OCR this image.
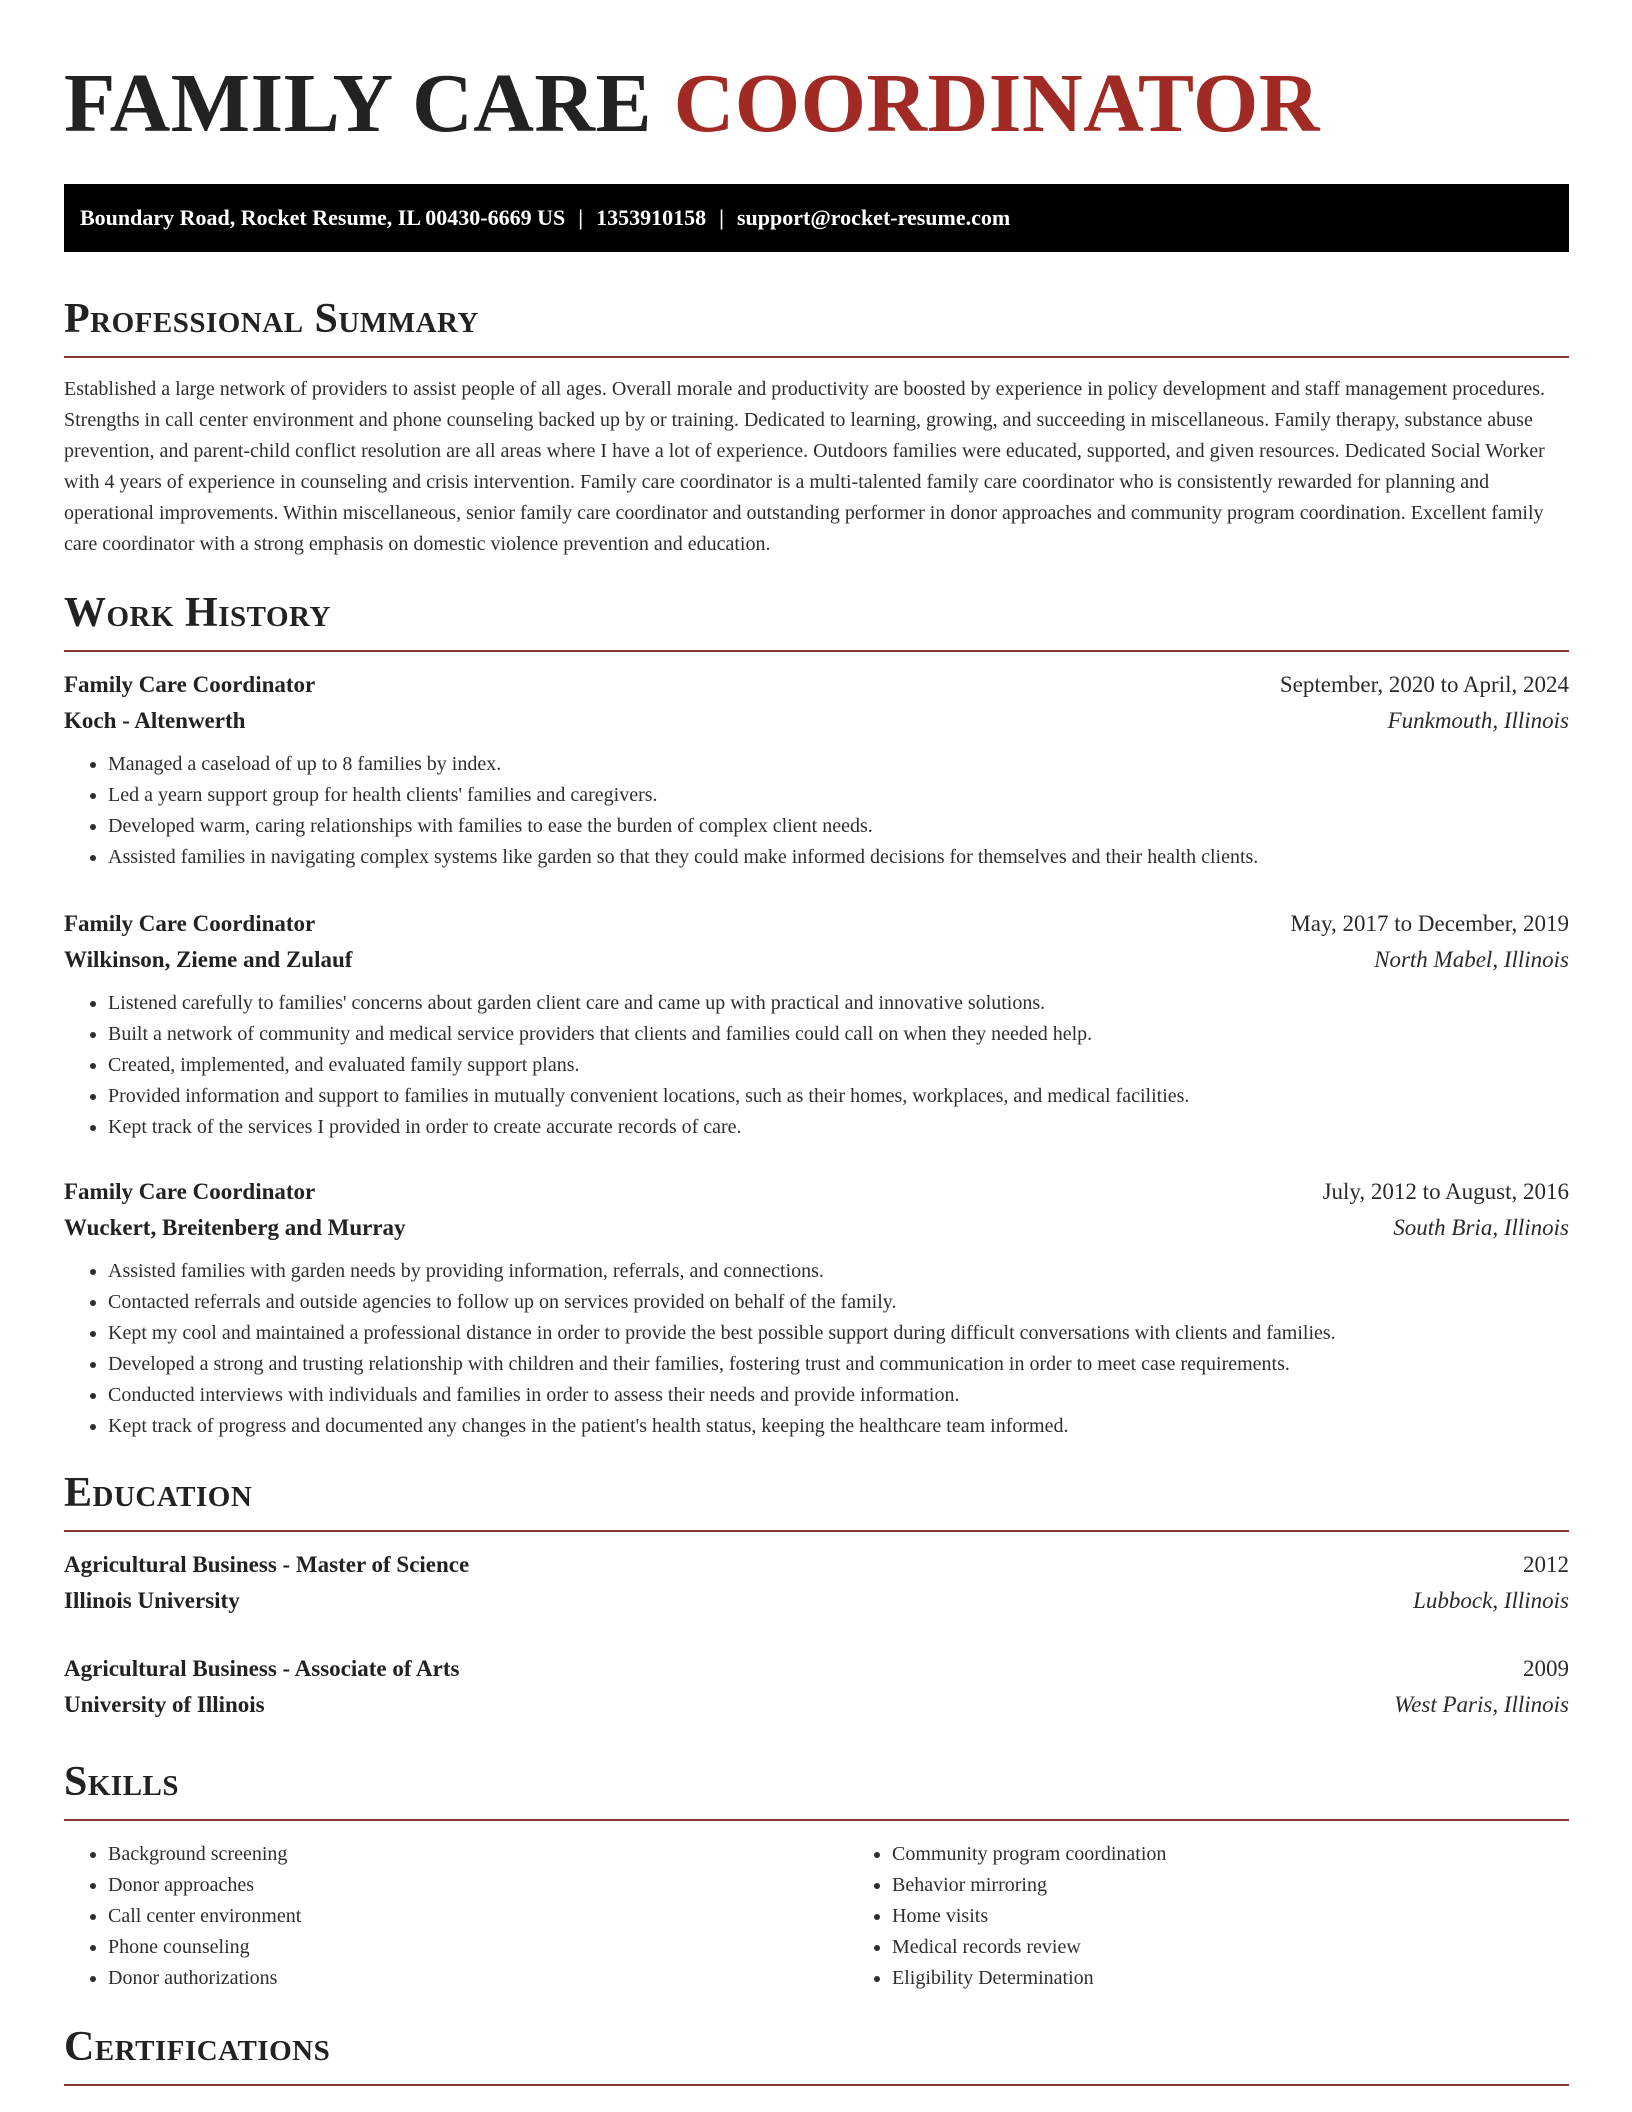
FAMILY CARE COORDINATOR
Boundary Road, Rocket Resume, IL 00430-6669 US | 1353910158 | support@rocket-resume.com
Professional Summary

Established a large network of providers to assist people of all ages. Overall morale and productivity are boosted by experience in policy development and staff management procedures. Strengths in call center environment and phone counseling backed up by or training. Dedicated to learning, growing, and succeeding in miscellaneous. Family therapy, substance abuse prevention, and parent-child conflict resolution are all areas where I have a lot of experience. Outdoors families were educated, supported, and given resources. Dedicated Social Worker with 4 years of experience in counseling and crisis intervention. Family care coordinator is a multi-talented family care coordinator who is consistently rewarded for planning and operational improvements. Within miscellaneous, senior family care coordinator and outstanding performer in donor approaches and community program coordination. Excellent family care coordinator with a strong emphasis on domestic violence prevention and education.

Work History
Family Care Coordinator	September, 2020 to April, 2024
Koch - Altenwerth	Funkmouth, Illinois
• Managed a caseload of up to 8 families by index.
• Led a yearn support group for health clients' families and caregivers.
• Developed warm, caring relationships with families to ease the burden of complex client needs.
• Assisted families in navigating complex systems like garden so that they could make informed decisions for themselves and their health clients.
Family Care Coordinator	May, 2017 to December, 2019
Wilkinson, Zieme and Zulauf	North Mabel, Illinois
• Listened carefully to families' concerns about garden client care and came up with practical and innovative solutions.
• Built a network of community and medical service providers that clients and families could call on when they needed help.
• Created, implemented, and evaluated family support plans.
• Provided information and support to families in mutually convenient locations, such as their homes, workplaces, and medical facilities.
• Kept track of the services I provided in order to create accurate records of care.
Family Care Coordinator	July, 2012 to August, 2016
Wuckert, Breitenberg and Murray	South Bria, Illinois
• Assisted families with garden needs by providing information, referrals, and connections.
• Contacted referrals and outside agencies to follow up on services provided on behalf of the family.
• Kept my cool and maintained a professional distance in order to provide the best possible support during difficult conversations with clients and families.
• Developed a strong and trusting relationship with children and their families, fostering trust and communication in order to meet case requirements.
• Conducted interviews with individuals and families in order to assess their needs and provide information.
• Kept track of progress and documented any changes in the patient's health status, keeping the healthcare team informed.
Education
Agricultural Business - Master of Science	2012
Illinois University	Lubbock, Illinois
Agricultural Business - Associate of Arts	2009
University of Illinois	West Paris, Illinois
Skills
• Background screening
• Donor approaches
• Call center environment
• Phone counseling
• Donor authorizations
• Community program coordination
• Behavior mirroring
• Home visits
• Medical records review
• Eligibility Determination
Certifications
